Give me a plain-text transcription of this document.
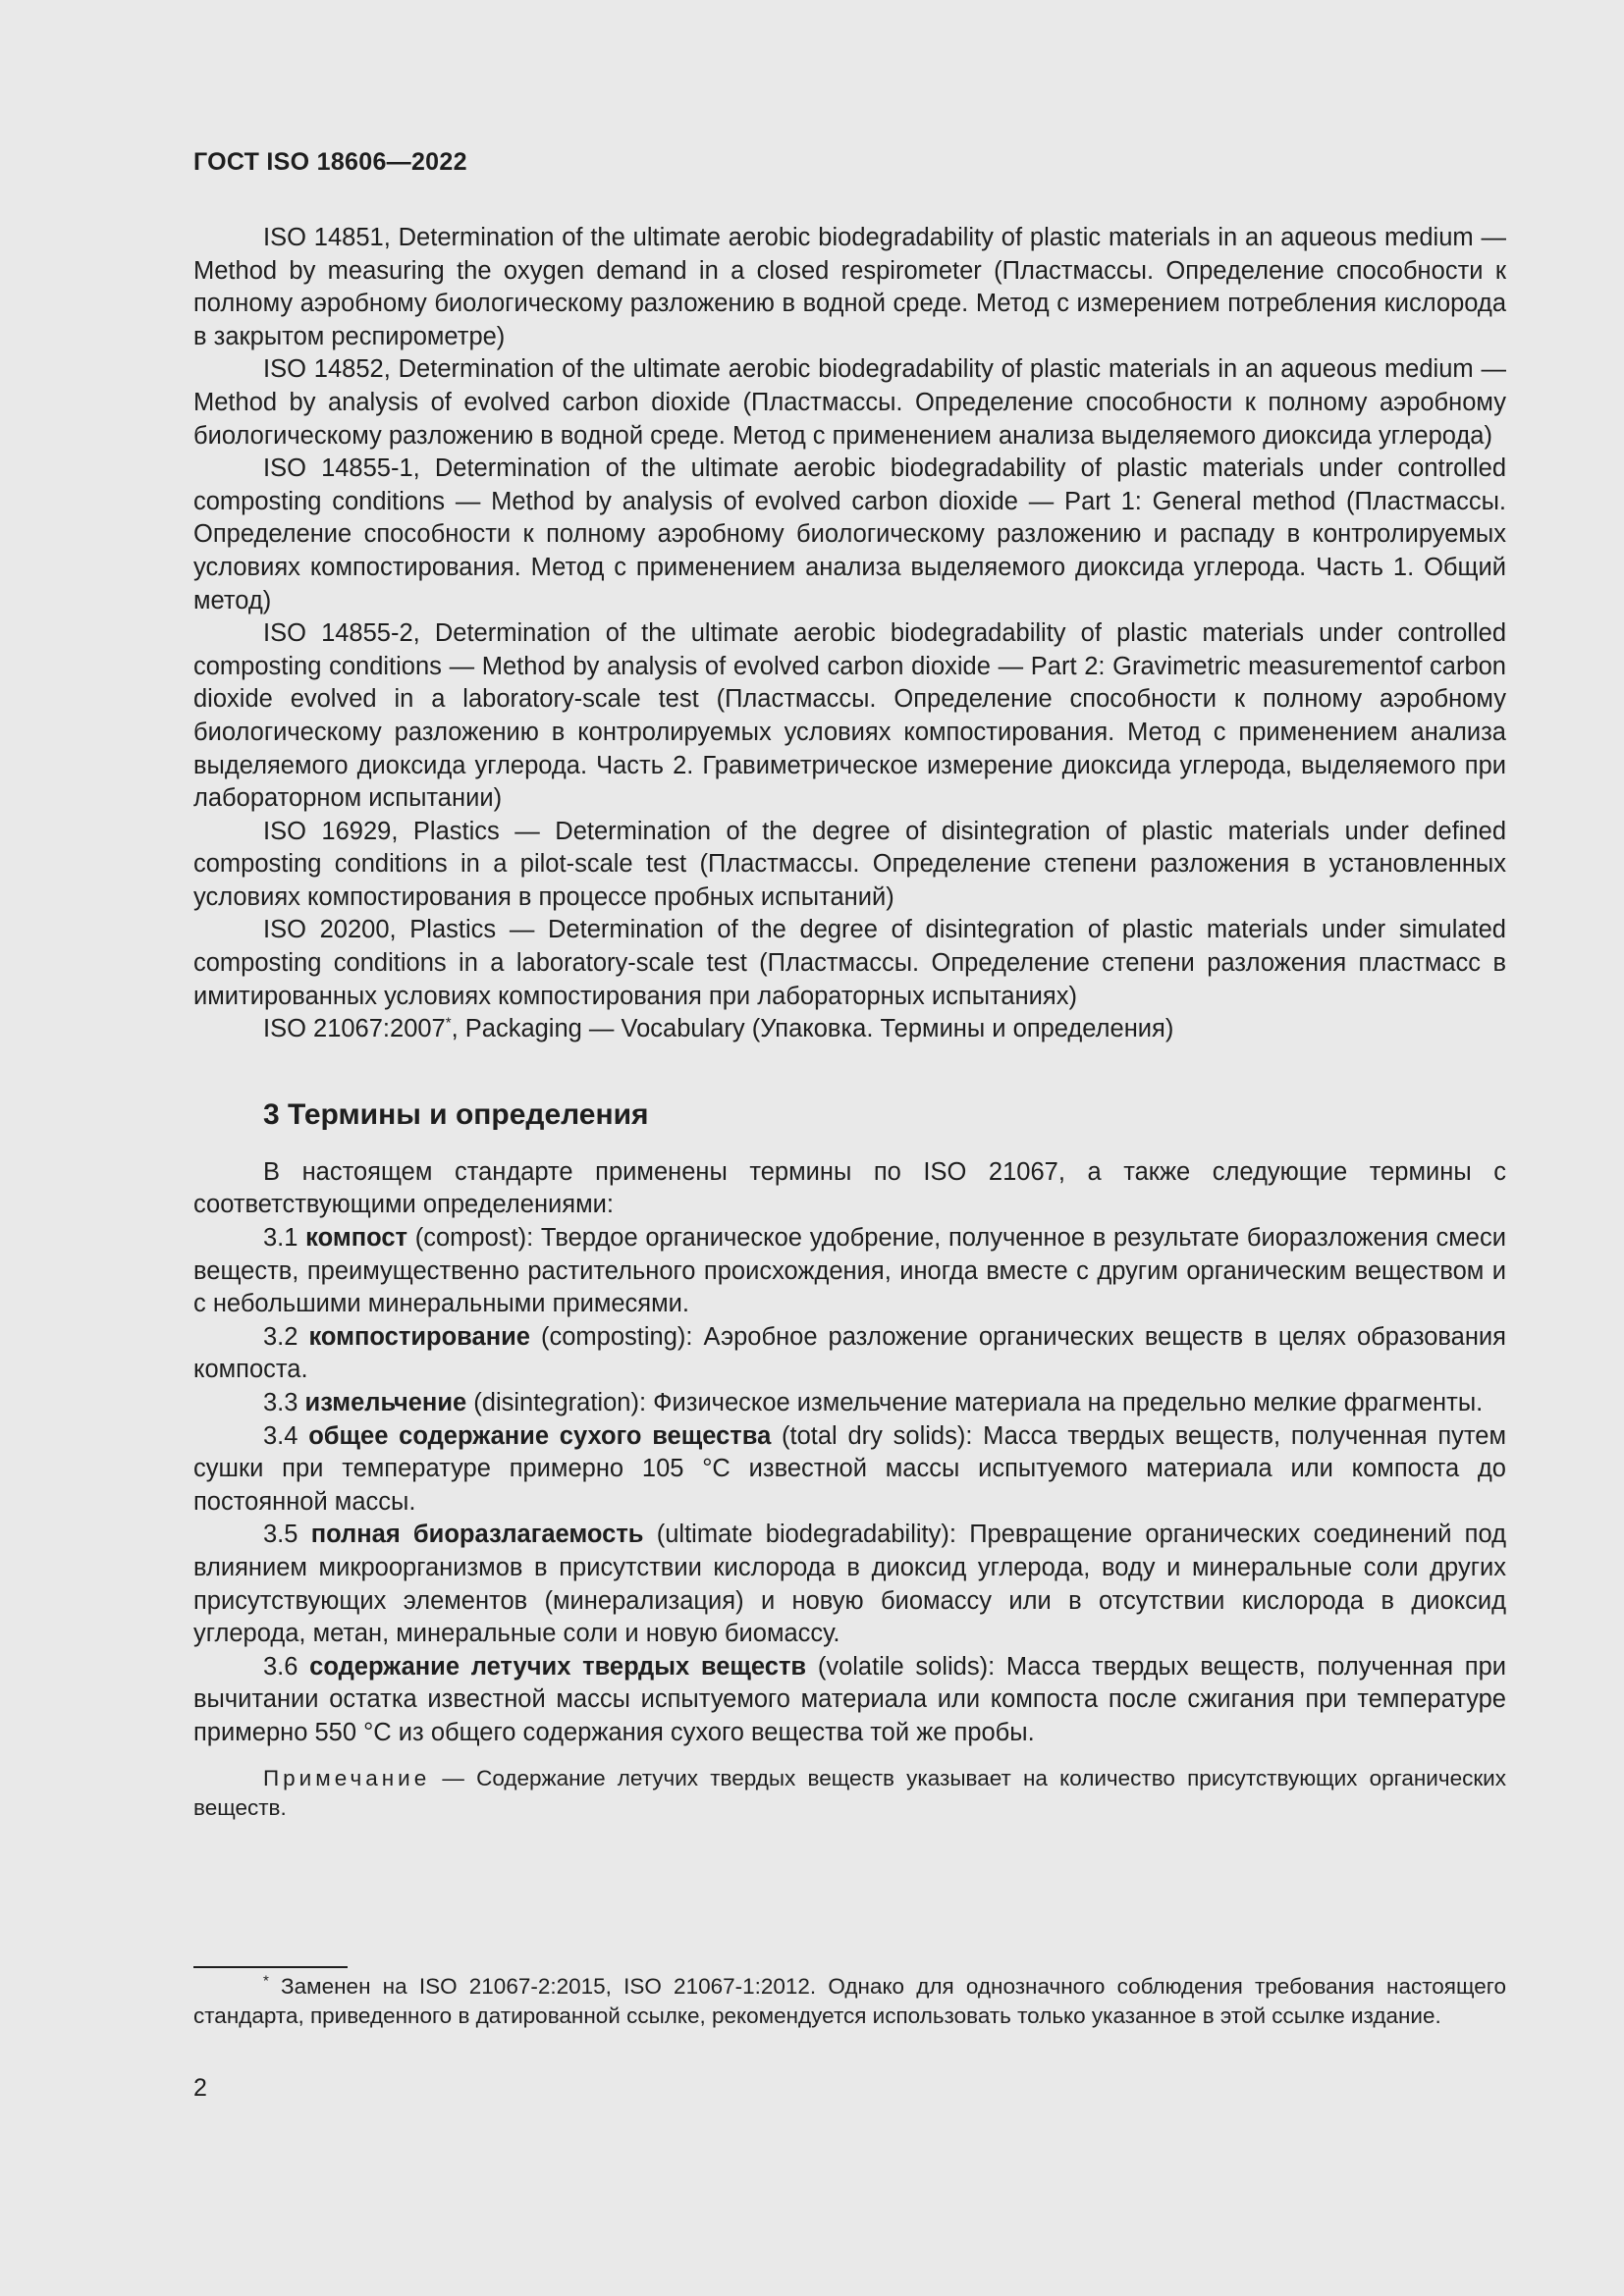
ГОСТ ISO 18606—2022

ISO 14851, Determination of the ultimate aerobic biodegradability of plastic materials in an aqueous medium — Method by measuring the oxygen demand in a closed respirometer (Пластмассы. Определение способности к полному аэробному биологическому разложению в водной среде. Метод с измерением потребления кислорода в закрытом респирометре)

ISO 14852, Determination of the ultimate aerobic biodegradability of plastic materials in an aqueous medium — Method by analysis of evolved carbon dioxide (Пластмассы. Определение способности к полному аэробному биологическому разложению в водной среде. Метод с применением анализа выделяемого диоксида углерода)

ISO 14855-1, Determination of the ultimate aerobic biodegradability of plastic materials under controlled composting conditions — Method by analysis of evolved carbon dioxide — Part 1: General method (Пластмассы. Определение способности к полному аэробному биологическому разложению и распаду в контролируемых условиях компостирования. Метод с применением анализа выделяемого диоксида углерода. Часть 1. Общий метод)

ISO 14855-2, Determination of the ultimate aerobic biodegradability of plastic materials under controlled composting conditions — Method by analysis of evolved carbon dioxide — Part 2: Gravimetric measurementof carbon dioxide evolved in a laboratory-scale test (Пластмассы. Определение способности к полному аэробному биологическому разложению в контролируемых условиях компостирования. Метод с применением анализа выделяемого диоксида углерода. Часть 2. Гравиметрическое измерение диоксида углерода, выделяемого при лабораторном испытании)

ISO 16929, Plastics — Determination of the degree of disintegration of plastic materials under defined composting conditions in a pilot-scale test (Пластмассы. Определение степени разложения в установленных условиях компостирования в процессе пробных испытаний)

ISO 20200, Plastics — Determination of the degree of disintegration of plastic materials under simulated composting conditions in a laboratory-scale test (Пластмассы. Определение степени разложения пластмасс в имитированных условиях компостирования при лабораторных испытаниях)

ISO 21067:2007*, Packaging — Vocabulary (Упаковка. Термины и определения)

3 Термины и определения

В настоящем стандарте применены термины по ISO 21067, а также следующие термины с соответствующими определениями:

3.1 компост (compost): Твердое органическое удобрение, полученное в результате биоразложения смеси веществ, преимущественно растительного происхождения, иногда вместе с другим органическим веществом и с небольшими минеральными примесями.

3.2 компостирование (composting): Аэробное разложение органических веществ в целях образования компоста.

3.3 измельчение (disintegration): Физическое измельчение материала на предельно мелкие фрагменты.

3.4 общее содержание сухого вещества (total dry solids): Масса твердых веществ, полученная путем сушки при температуре примерно 105 °С известной массы испытуемого материала или компоста до постоянной массы.

3.5 полная биоразлагаемость (ultimate biodegradability): Превращение органических соединений под влиянием микроорганизмов в присутствии кислорода в диоксид углерода, воду и минеральные соли других присутствующих элементов (минерализация) и новую биомассу или в отсутствии кислорода в диоксид углерода, метан, минеральные соли и новую биомассу.

3.6 содержание летучих твердых веществ (volatile solids): Масса твердых веществ, полученная при вычитании остатка известной массы испытуемого материала или компоста после сжигания при температуре примерно 550 °С из общего содержания сухого вещества той же пробы.

Примечание — Содержание летучих твердых веществ указывает на количество присутствующих органических веществ.

* Заменен на ISO 21067-2:2015, ISO 21067-1:2012. Однако для однозначного соблюдения требования настоящего стандарта, приведенного в датированной ссылке, рекомендуется использовать только указанное в этой ссылке издание.

2
